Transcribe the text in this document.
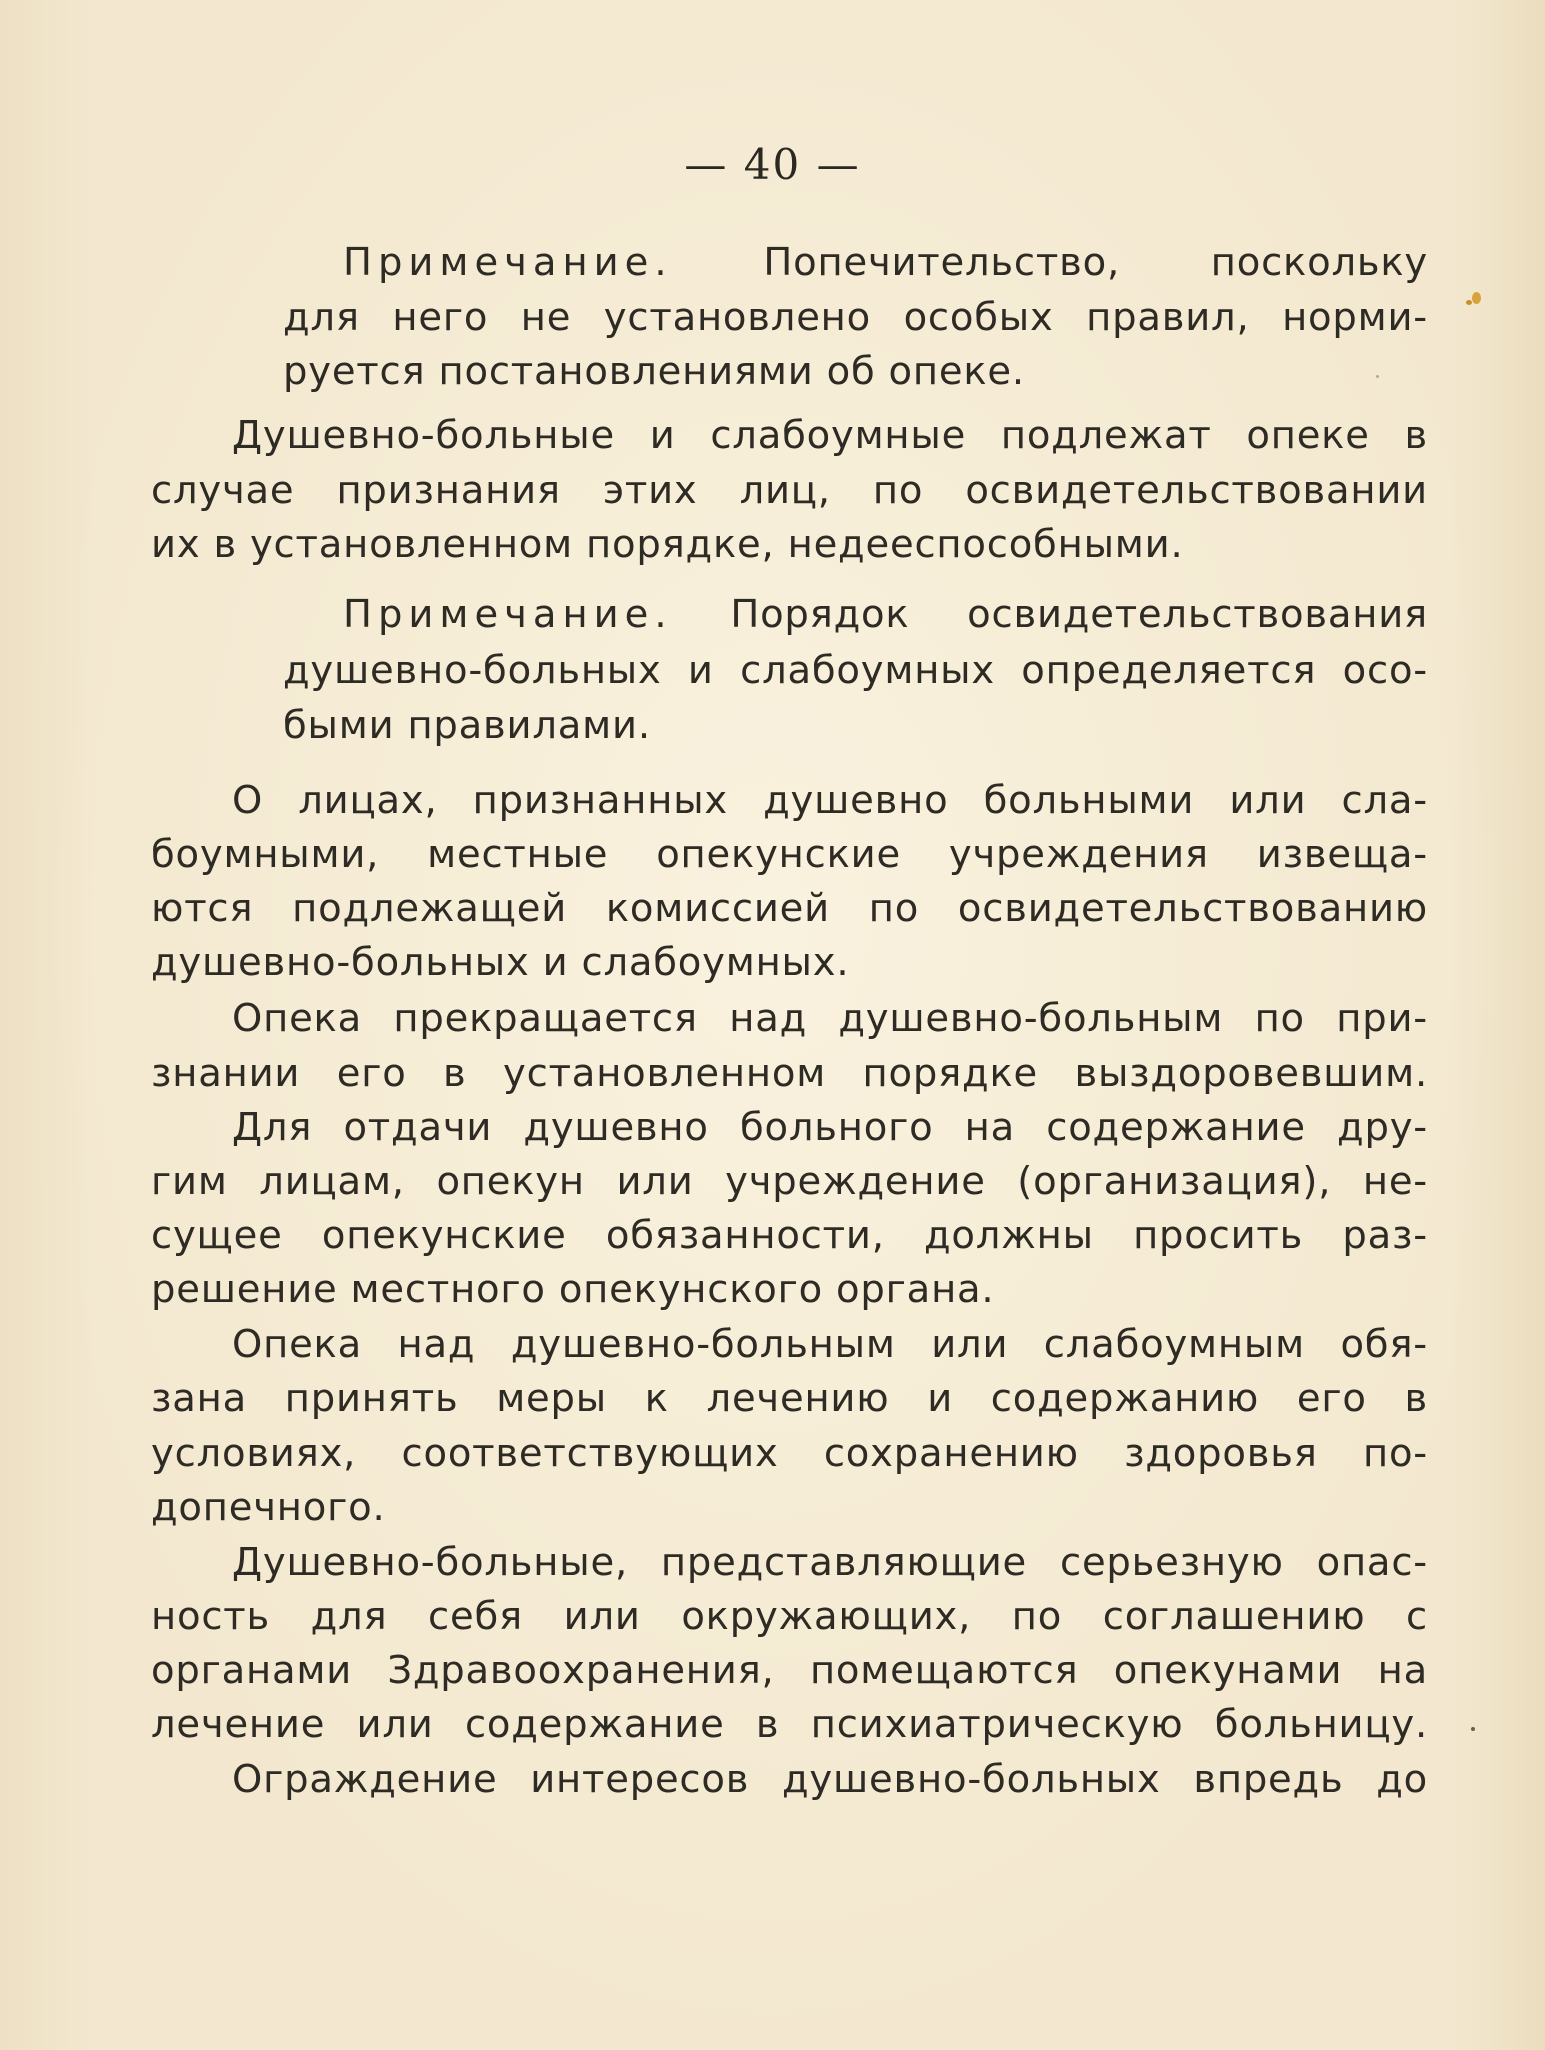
— 40 —
Примечание. Попечительство, поскольку
для него не установлено особых правил, норми-
руется постановлениями об опеке.
Душевно-больные и слабоумные подлежат опеке в
случае признания этих лиц, по освидетельствовании
их в установленном порядке, недееспособными.
Примечание. Порядок освидетельствования
душевно-больных и слабоумных определяется осо-
быми правилами.
О лицах, признанных душевно больными или сла-
боумными, местные опекунские учреждения извеща-
ются подлежащей комиссией по освидетельствованию
душевно-больных и слабоумных.
Опека прекращается над душевно-больным по при-
знании его в установленном порядке выздоровевшим.
Для отдачи душевно больного на содержание дру-
гим лицам, опекун или учреждение (организация), не-
сущее опекунские обязанности, должны просить раз-
решение местного опекунского органа.
Опека над душевно-больным или слабоумным обя-
зана принять меры к лечению и содержанию его в
условиях, соответствующих сохранению здоровья по-
допечного.
Душевно-больные, представляющие серьезную опас-
ность для себя или окружающих, по соглашению с
органами Здравоохранения, помещаются опекунами на
лечение или содержание в психиатрическую больницу.
Ограждение интересов душевно-больных впредь до
